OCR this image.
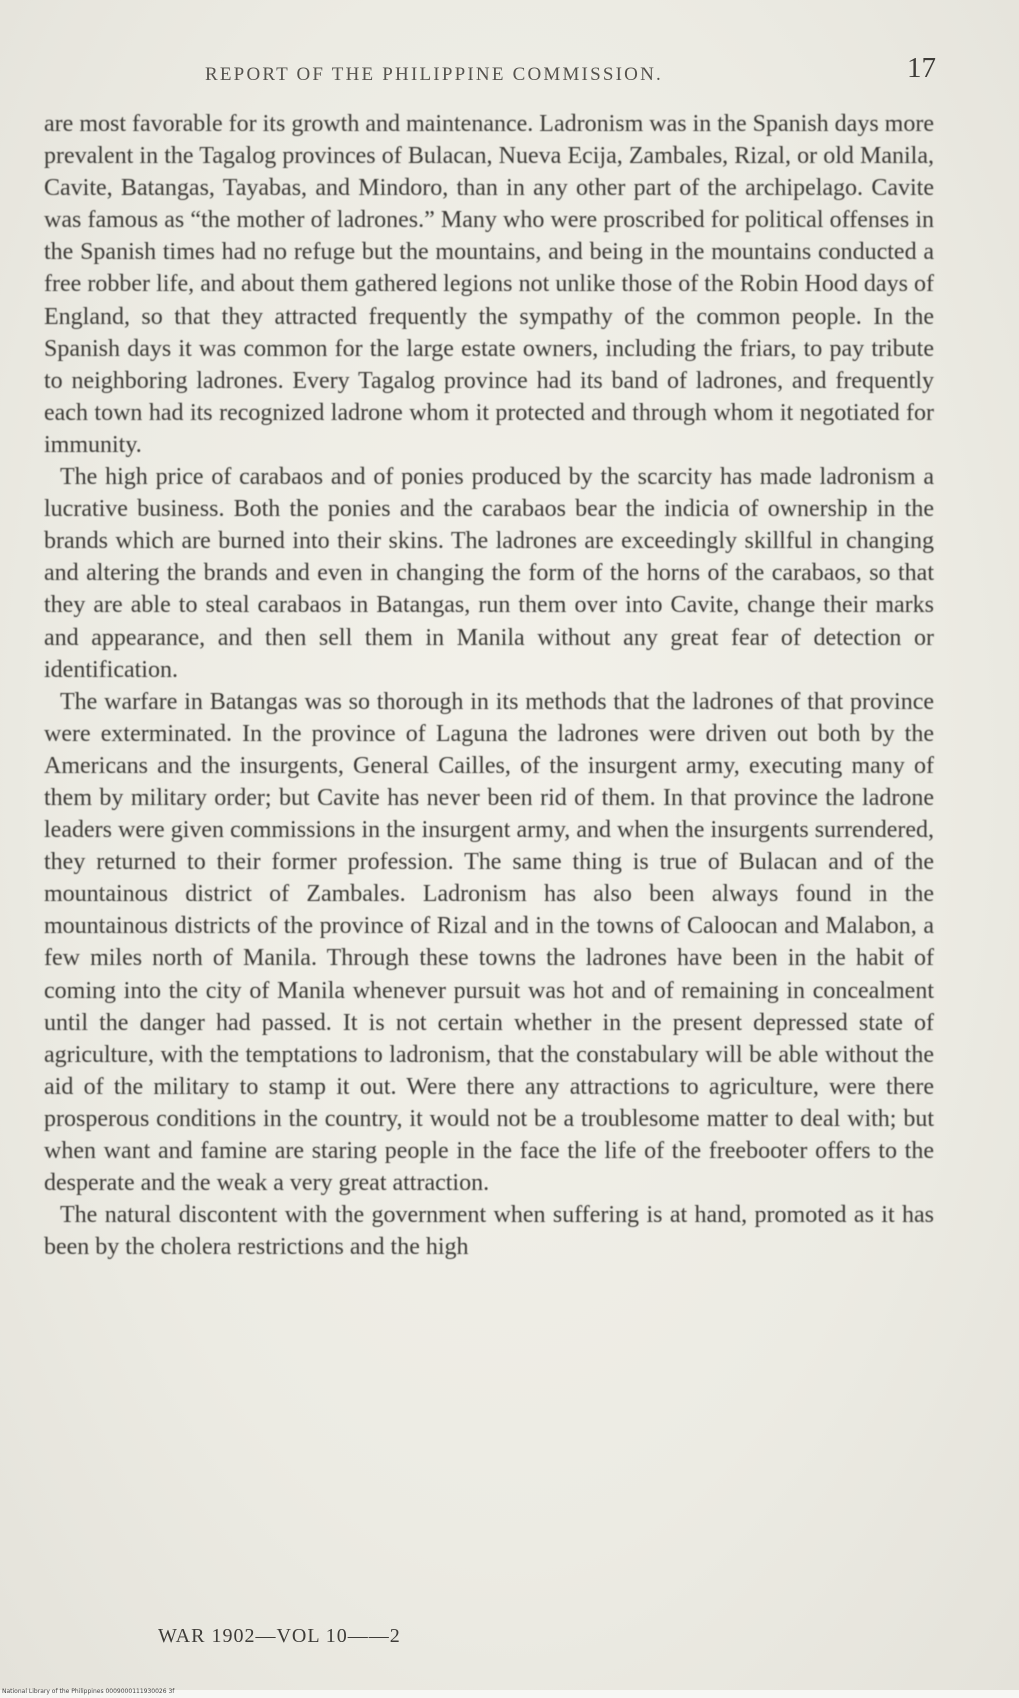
REPORT OF THE PHILIPPINE COMMISSION.	17

are most favorable for its growth and maintenance. Ladronism was in the Spanish days more prevalent in the Tagalog provinces of Bulacan, Nueva Ecija, Zambales, Rizal, or old Manila, Cavite, Batangas, Tayabas, and Mindoro, than in any other part of the archipelago. Cavite was famous as “the mother of ladrones.” Many who were proscribed for political offenses in the Spanish times had no refuge but the mountains, and being in the mountains conducted a free robber life, and about them gathered legions not unlike those of the Robin Hood days of England, so that they attracted frequently the sympathy of the common people. In the Spanish days it was common for the large estate owners, including the friars, to pay tribute to neighboring ladrones. Every Tagalog province had its band of ladrones, and frequently each town had its recognized ladrone whom it protected and through whom it negotiated for immunity.

The high price of carabaos and of ponies produced by the scarcity has made ladronism a lucrative business. Both the ponies and the carabaos bear the indicia of ownership in the brands which are burned into their skins. The ladrones are exceedingly skillful in changing and altering the brands and even in changing the form of the horns of the carabaos, so that they are able to steal carabaos in Batangas, run them over into Cavite, change their marks and appearance, and then sell them in Manila without any great fear of detection or identification.

The warfare in Batangas was so thorough in its methods that the ladrones of that province were exterminated. In the province of Laguna the ladrones were driven out both by the Americans and the insurgents, General Cailles, of the insurgent army, executing many of them by military order; but Cavite has never been rid of them. In that province the ladrone leaders were given commissions in the insurgent army, and when the insurgents surrendered, they returned to their former profession. The same thing is true of Bulacan and of the mountainous district of Zambales. Ladronism has also been always found in the mountainous districts of the province of Rizal and in the towns of Caloocan and Malabon, a few miles north of Manila. Through these towns the ladrones have been in the habit of coming into the city of Manila whenever pursuit was hot and of remaining in concealment until the danger had passed. It is not certain whether in the present depressed state of agriculture, with the temptations to ladronism, that the constabulary will be able without the aid of the military to stamp it out. Were there any attractions to agriculture, were there prosperous conditions in the country, it would not be a troublesome matter to deal with; but when want and famine are staring people in the face the life of the freebooter offers to the desperate and the weak a very great attraction.

The natural discontent with the government when suffering is at hand, promoted as it has been by the cholera restrictions and the high

WAR 1902—VOL 10——2
National Library of the Philippines 0009000111930026 3f
